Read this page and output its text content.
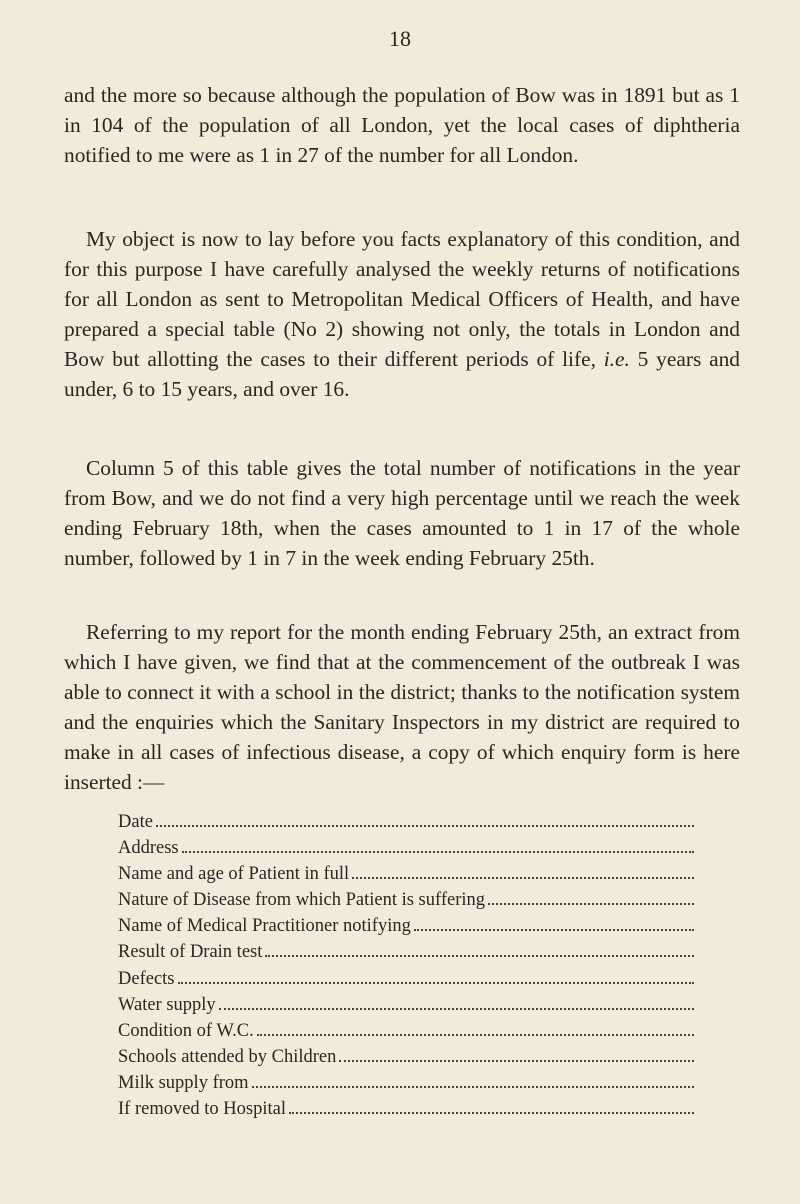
18

and the more so because although the population of Bow was in 1891 but as 1 in 104 of the population of all London, yet the local cases of diphtheria notified to me were as 1 in 27 of the number for all London.

My object is now to lay before you facts explanatory of this condition, and for this purpose I have carefully analysed the weekly returns of notifications for all London as sent to Metropolitan Medical Officers of Health, and have prepared a special table (No 2) showing not only, the totals in London and Bow but allotting the cases to their different periods of life, i.e. 5 years and under, 6 to 15 years, and over 16.

Column 5 of this table gives the total number of notifications in the year from Bow, and we do not find a very high percentage until we reach the week ending February 18th, when the cases amounted to 1 in 17 of the whole number, followed by 1 in 7 in the week ending February 25th.

Referring to my report for the month ending February 25th, an extract from which I have given, we find that at the commencement of the outbreak I was able to connect it with a school in the district; thanks to the notification system and the enquiries which the Sanitary Inspectors in my district are required to make in all cases of infectious disease, a copy of which enquiry form is here inserted :—

Date
Address
Name and age of Patient in full
Nature of Disease from which Patient is suffering
Name of Medical Practitioner notifying
Result of Drain test
Defects
Water supply
Condition of W.C.
Schools attended by Children
Milk supply from
If removed to Hospital
